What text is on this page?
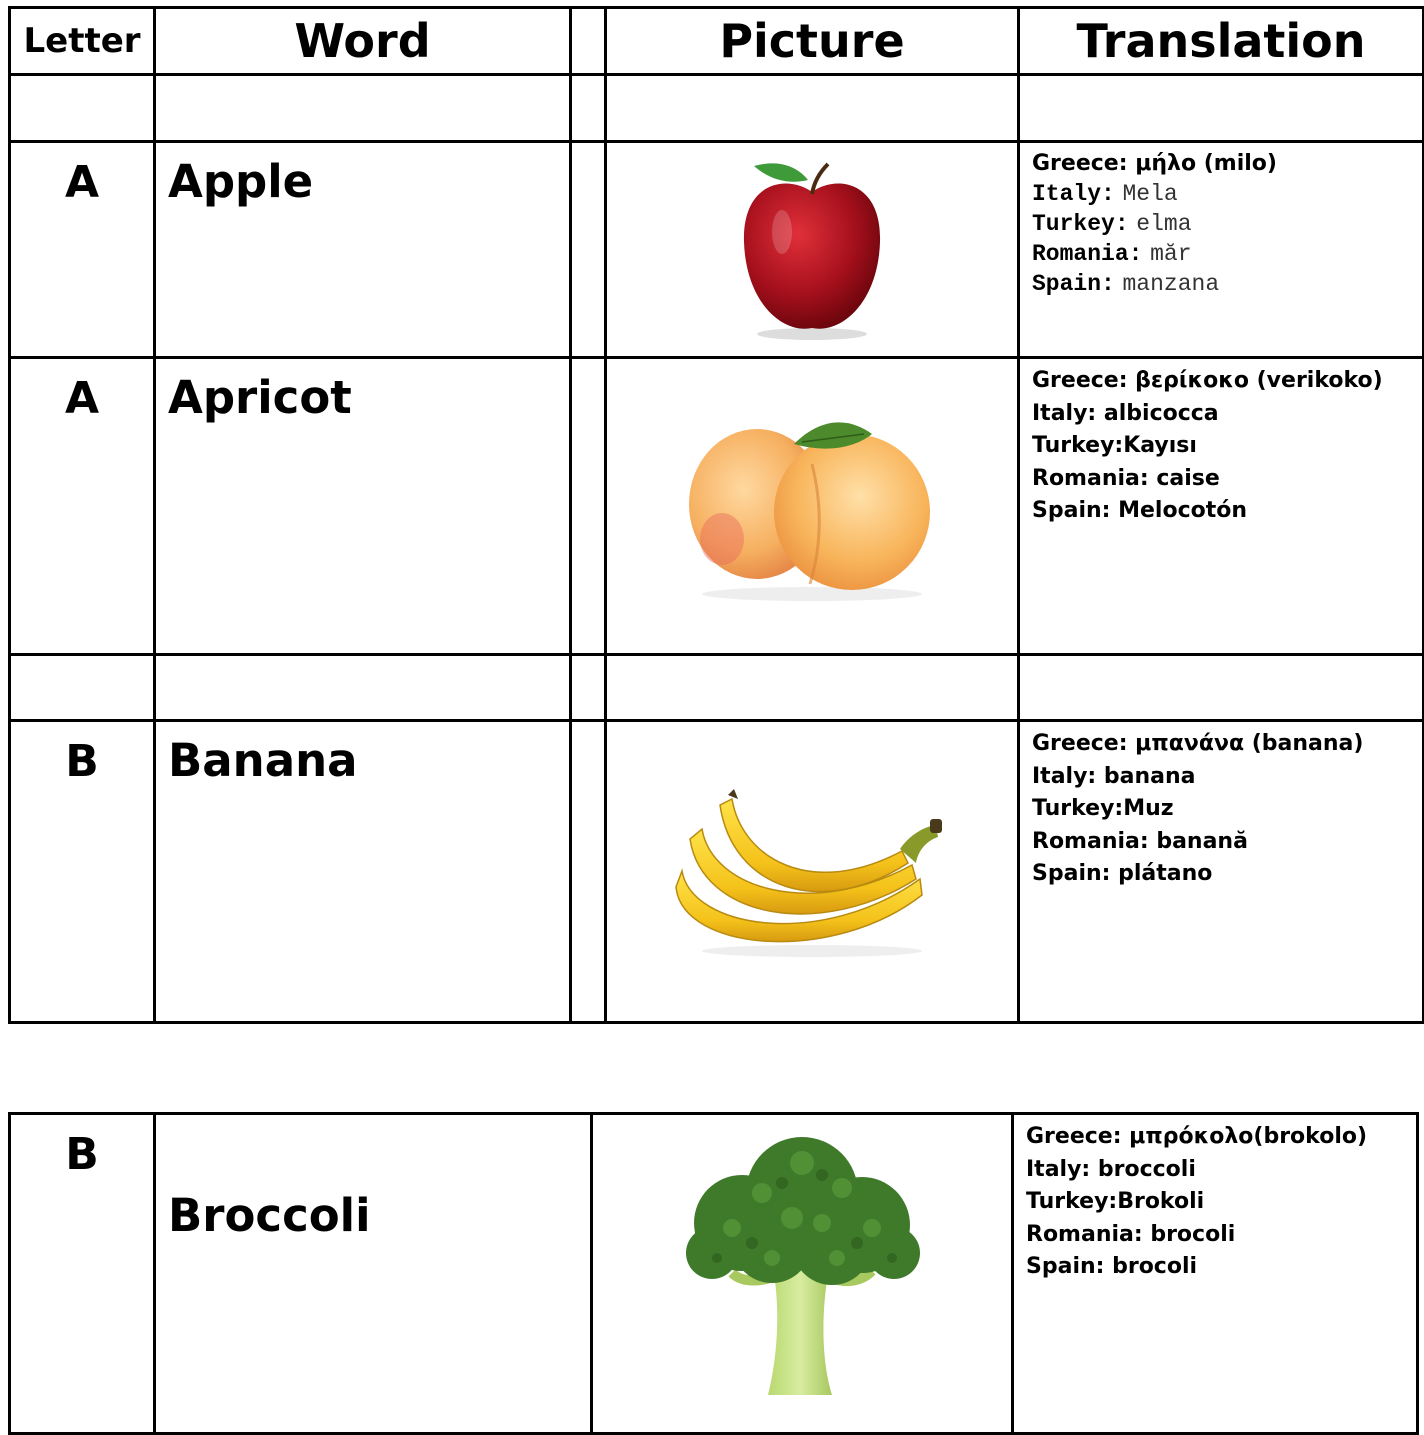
Letter	Word		Picture	Translation

A	Apple			Greece: μήλο (milo)
Italy: Mela
Turkey: elma
Romania: măr
Spain: manzana

A	Apricot			Greece: βερίκοκο (verikoko)
Italy: albicocca
Turkey:Kayısı
Romania: caise
Spain: Melocotón

B	Banana			Greece: μπανάνα (banana)
Italy: banana
Turkey:Muz
Romania: banană
Spain: plátano
B	Broccoli		
Greece: μπρόκολο(brokolo)
Italy: broccoli
Turkey:Brokoli
Romania: brocoli
Spain: brocoli
